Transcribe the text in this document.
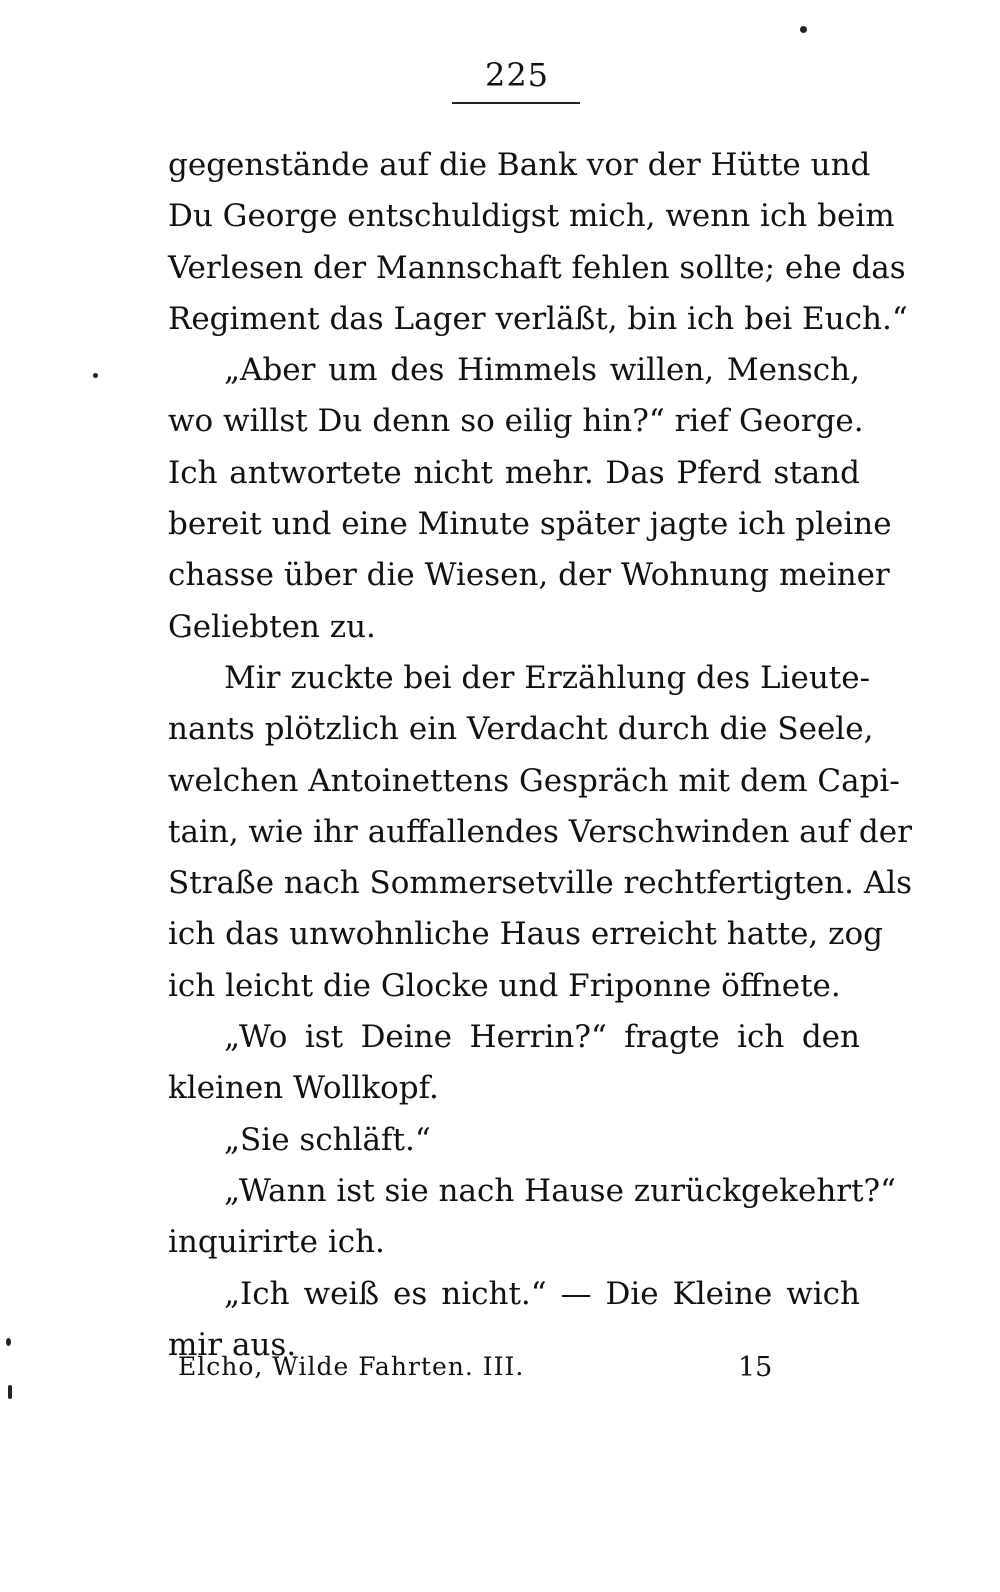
225
gegenstände auf die Bank vor der Hütte und
Du George entschuldigst mich, wenn ich beim
Verlesen der Mannschaft fehlen sollte; ehe das
Regiment das Lager verläßt, bin ich bei Euch.“
„Aber um des Himmels willen, Mensch,
wo willst Du denn so eilig hin?“ rief George.
Ich antwortete nicht mehr. Das Pferd stand
bereit und eine Minute später jagte ich pleine
chasse über die Wiesen, der Wohnung meiner
Geliebten zu.
Mir zuckte bei der Erzählung des Lieute-
nants plötzlich ein Verdacht durch die Seele,
welchen Antoinettens Gespräch mit dem Capi-
tain, wie ihr auffallendes Verschwinden auf der
Straße nach Sommersetville rechtfertigten. Als
ich das unwohnliche Haus erreicht hatte, zog
ich leicht die Glocke und Friponne öffnete.
„Wo ist Deine Herrin?“ fragte ich den
kleinen Wollkopf.
„Sie schläft.“
„Wann ist sie nach Hause zurückgekehrt?“
inquirirte ich.
„Ich weiß es nicht.“ — Die Kleine wich
mir aus.
Elcho, Wilde Fahrten. III.	15
